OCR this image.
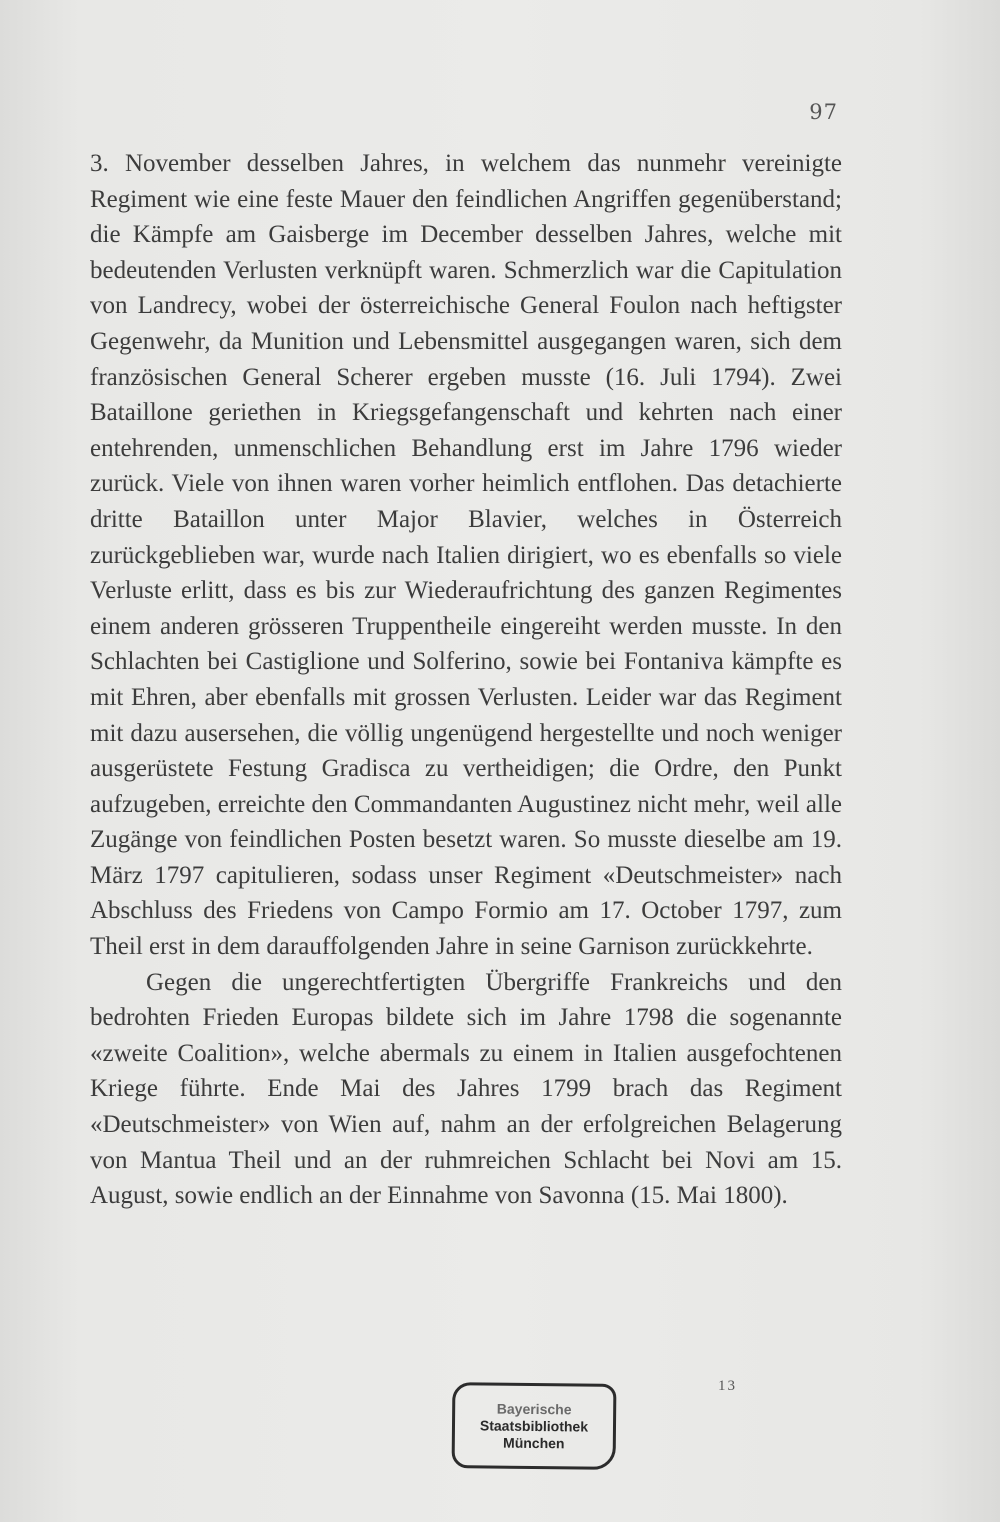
97

3. November desselben Jahres, in welchem das nunmehr vereinigte Regiment wie eine feste Mauer den feindlichen Angriffen gegenüberstand; die Kämpfe am Gaisberge im December desselben Jahres, welche mit bedeutenden Verlusten verknüpft waren. Schmerzlich war die Capitulation von Landrecy, wobei der österreichische General Foulon nach heftigster Gegenwehr, da Munition und Lebensmittel ausgegangen waren, sich dem französischen General Scherer ergeben musste (16. Juli 1794). Zwei Bataillone geriethen in Kriegsgefangenschaft und kehrten nach einer entehrenden, unmenschlichen Behandlung erst im Jahre 1796 wieder zurück. Viele von ihnen waren vorher heimlich entflohen. Das detachierte dritte Bataillon unter Major Blavier, welches in Österreich zurückgeblieben war, wurde nach Italien dirigiert, wo es ebenfalls so viele Verluste erlitt, dass es bis zur Wiederaufrichtung des ganzen Regimentes einem anderen grösseren Truppentheile eingereiht werden musste. In den Schlachten bei Castiglione und Solferino, sowie bei Fontaniva kämpfte es mit Ehren, aber ebenfalls mit grossen Verlusten. Leider war das Regiment mit dazu ausersehen, die völlig ungenügend hergestellte und noch weniger ausgerüstete Festung Gradisca zu vertheidigen; die Ordre, den Punkt aufzugeben, erreichte den Commandanten Augustinez nicht mehr, weil alle Zugänge von feindlichen Posten besetzt waren. So musste dieselbe am 19. März 1797 capitulieren, sodass unser Regiment «Deutschmeister» nach Abschluss des Friedens von Campo Formio am 17. October 1797, zum Theil erst in dem darauffolgenden Jahre in seine Garnison zurückkehrte.

Gegen die ungerechtfertigten Übergriffe Frankreichs und den bedrohten Frieden Europas bildete sich im Jahre 1798 die sogenannte «zweite Coalition», welche abermals zu einem in Italien ausgefochtenen Kriege führte. Ende Mai des Jahres 1799 brach das Regiment «Deutschmeister» von Wien auf, nahm an der erfolgreichen Belagerung von Mantua Theil und an der ruhmreichen Schlacht bei Novi am 15. August, sowie endlich an der Einnahme von Savonna (15. Mai 1800).

13
Bayerische
Staatsbibliothek
München
